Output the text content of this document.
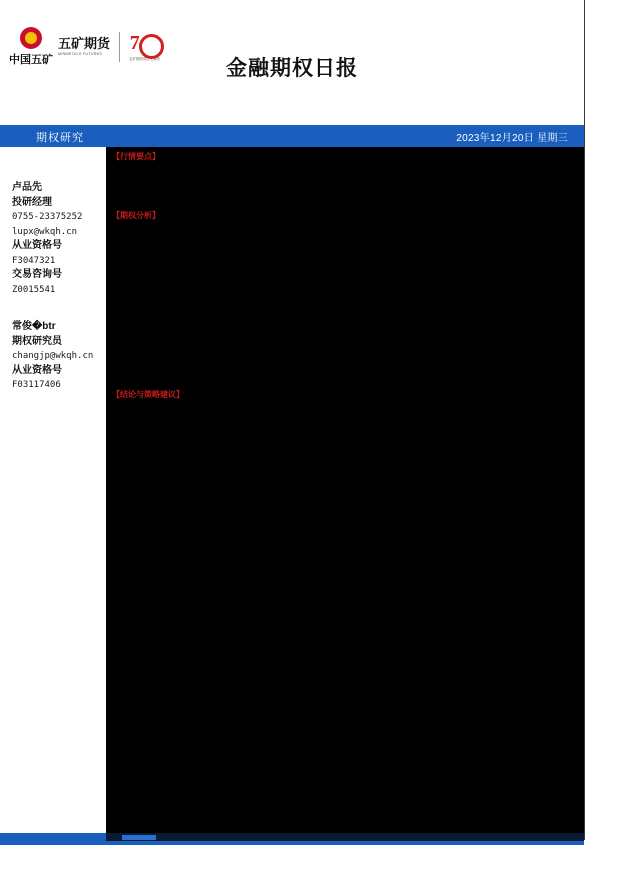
中国五矿
五矿期货
MINMETALS FUTURES 7
五矿期货成立七周年	金融期权日报
期权研究	2023年12月20日 星期三
卢品先
投研经理
0755-23375252
lupx@wkqh.cn
从业资格号
F3047321
交易咨询号
Z0015541
常俊�btr
期权研究员
changjp@wkqh.cn
从业资格号
F03117406
【行情要点】
【期权分析】
【结论与策略建议】
